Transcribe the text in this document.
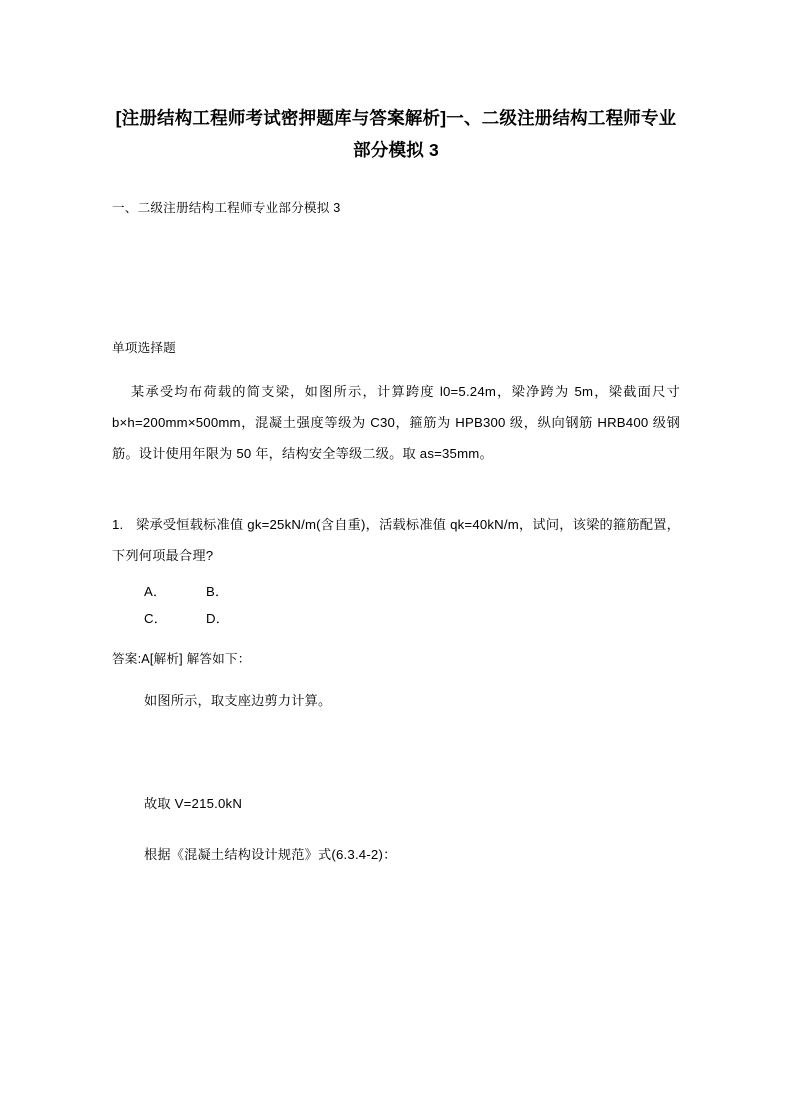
[注册结构工程师考试密押题库与答案解析]一、二级注册结构工程师专业部分模拟 3
一、二级注册结构工程师专业部分模拟 3
单项选择题
某承受均布荷载的简支梁，如图所示，计算跨度 l0=5.24m，梁净跨为 5m，梁截面尺寸 b×h=200mm×500mm，混凝土强度等级为 C30，箍筋为 HPB300 级，纵向钢筋 HRB400 级钢筋。设计使用年限为 50 年，结构安全等级二级。取 as=35mm。
1. 梁承受恒载标准值 gk=25kN/m(含自重)，活载标准值 qk=40kN/m，试问，该梁的箍筋配置，下列何项最合理?
A．	B．
C．	D．
答案:A[解析] 解答如下：
如图所示，取支座边剪力计算。
故取 V=215.0kN
根据《混凝土结构设计规范》式(6.3.4-2)：
